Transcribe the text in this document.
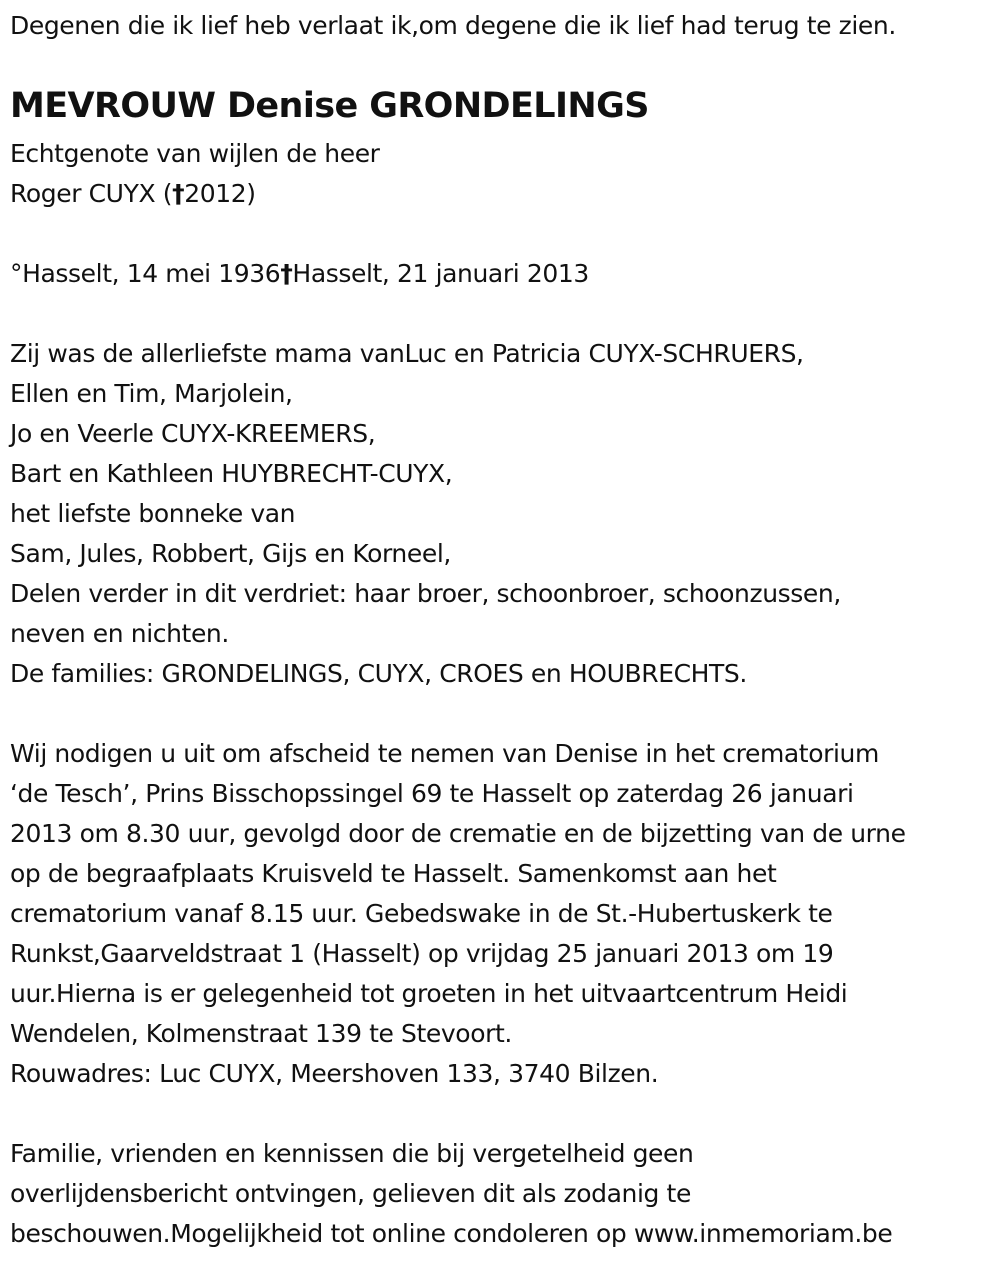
Degenen die ik lief heb verlaat ik,om degene die ik lief had terug te zien.
MEVROUW Denise GRONDELINGS
Echtgenote van wijlen de heer
Roger CUYX (†2012)
°Hasselt, 14 mei 1936†Hasselt, 21 januari 2013
Zij was de allerliefste mama vanLuc en Patricia CUYX-SCHRUERS,
Ellen en Tim, Marjolein,
Jo en Veerle CUYX-KREEMERS,
Bart en Kathleen HUYBRECHT-CUYX,
het liefste bonneke van
Sam, Jules, Robbert, Gijs en Korneel,
Delen verder in dit verdriet: haar broer, schoonbroer, schoonzussen,
neven en nichten.
De families: GRONDELINGS, CUYX, CROES en HOUBRECHTS.
Wij nodigen u uit om afscheid te nemen van Denise in het crematorium
‘de Tesch’, Prins Bisschopssingel 69 te Hasselt op zaterdag 26 januari
2013 om 8.30 uur, gevolgd door de crematie en de bijzetting van de urne
op de begraafplaats Kruisveld te Hasselt. Samenkomst aan het
crematorium vanaf 8.15 uur. Gebedswake in de St.-Hubertuskerk te
Runkst,Gaarveldstraat 1 (Hasselt) op vrijdag 25 januari 2013 om 19
uur.Hierna is er gelegenheid tot groeten in het uitvaartcentrum Heidi
Wendelen, Kolmenstraat 139 te Stevoort.
Rouwadres: Luc CUYX, Meershoven 133, 3740 Bilzen.
Familie, vrienden en kennissen die bij vergetelheid geen
overlijdensbericht ontvingen, gelieven dit als zodanig te
beschouwen.Mogelijkheid tot online condoleren op www.inmemoriam.be
